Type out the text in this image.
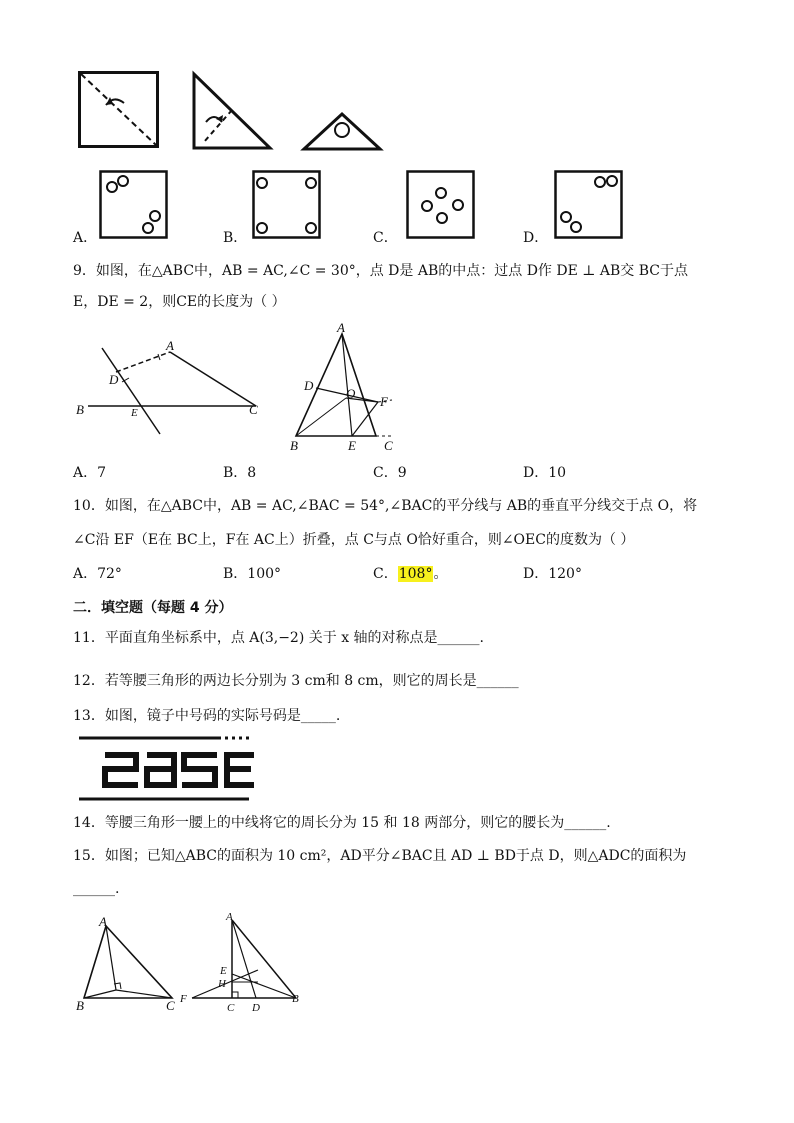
A．	B．	C．	D．
9．如图，在△ABC中，AB = AC,∠C = 30°，点 D是 AB的中点：过点 D作 DE ⊥ AB交 BC于点
E，DE = 2，则CE的长度为（ ）
A
D
B	E	C
A
D
O
F
B	E C
A．7	B．8	C．9	D．10
10．如图，在△ABC中，AB = AC,∠BAC = 54°,∠BAC的平分线与 AB的垂直平分线交于点 O，将
∠C沿 EF（E在 BC上，F在 AC上）折叠，点 C与点 O恰好重合，则∠OEC的度数为（ ）
A．72°	B．100°	C．108°。	D．120°
二．填空题（每题 4 分）
11．平面直角坐标系中，点 A(3,−2) 关于 x 轴的对称点是______.
12．若等腰三角形的两边长分别为 3 cm和 8 cm，则它的周长是______
13．如图，镜子中号码的实际号码是_____.
14．等腰三角形一腰上的中线将它的周长分为 15 和 18 两部分，则它的腰长为______.
15．如图；已知△ABC的面积为 10 cm²，AD平分∠BAC且 AD ⊥ BD于点 D，则△ADC的面积为
______.
A
B	C
A
E
H
F
C D
B
